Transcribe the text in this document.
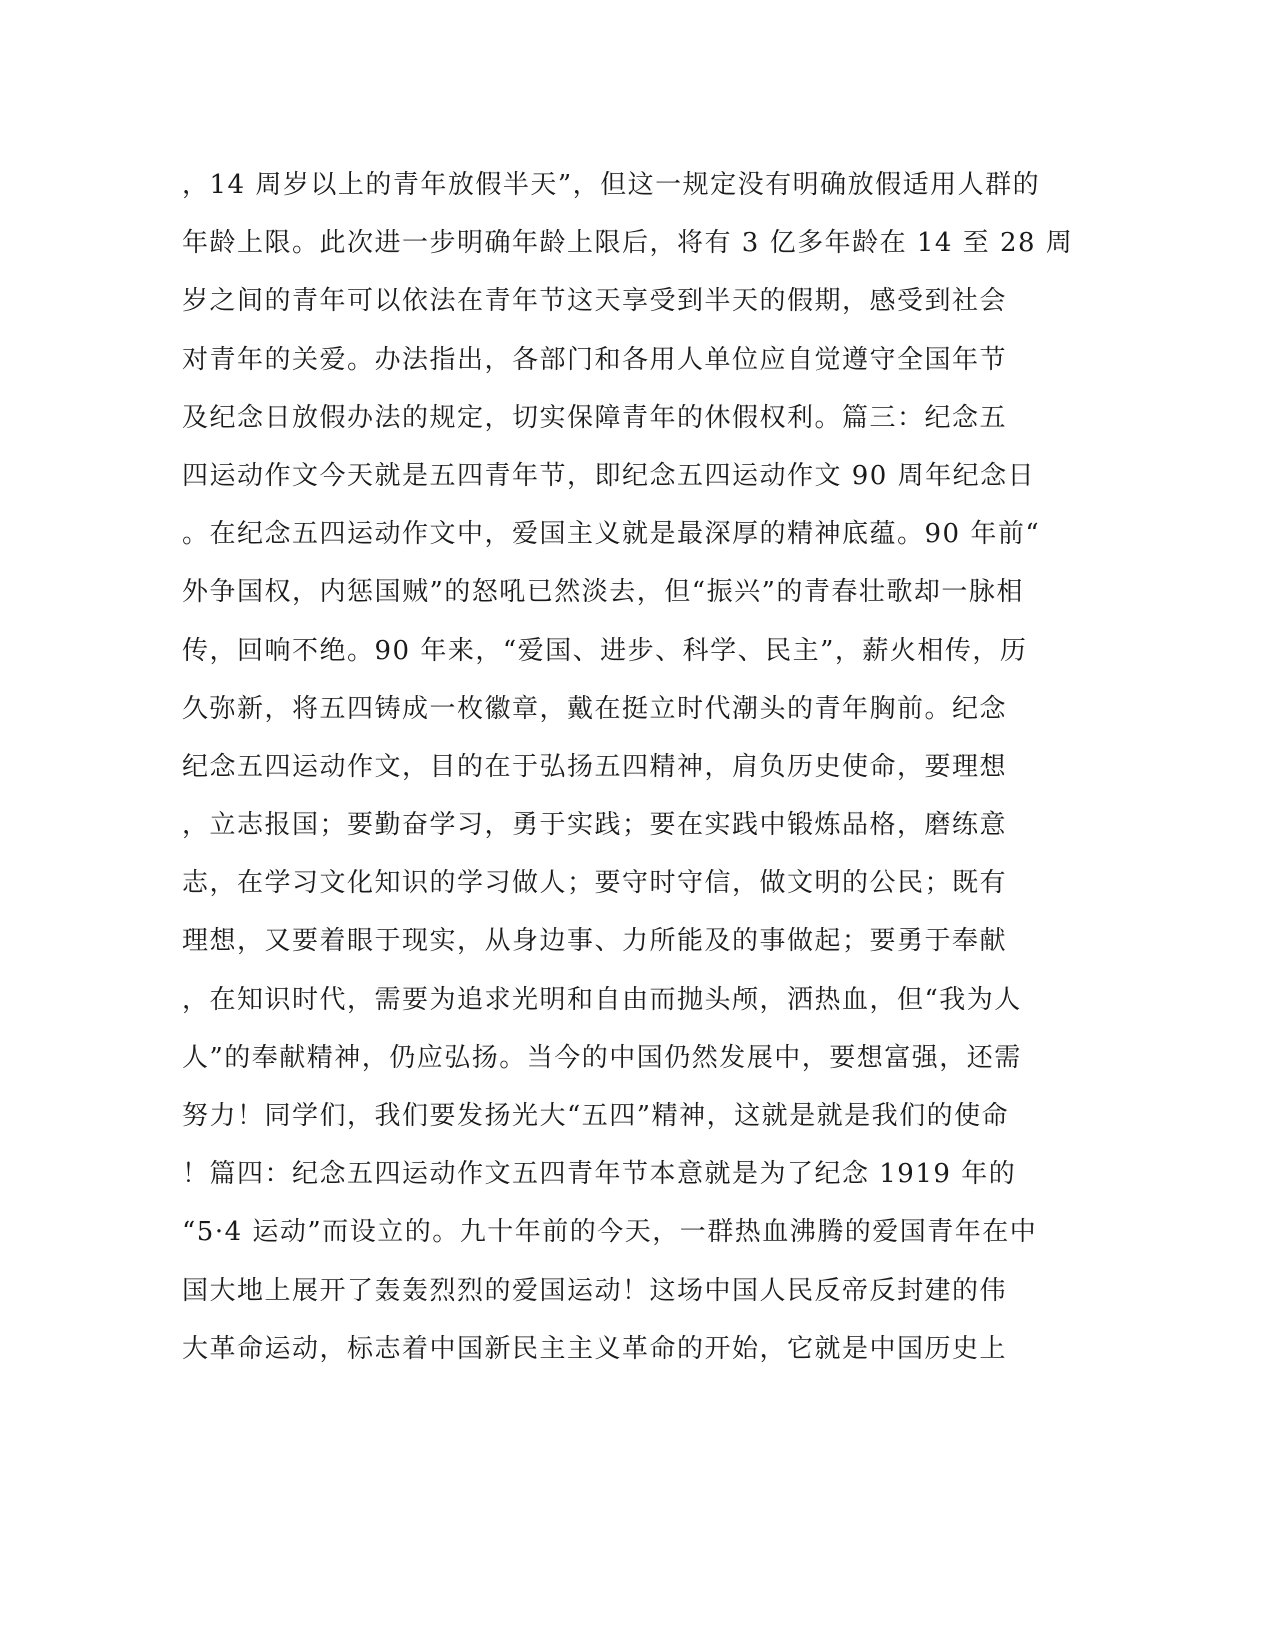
，14 周岁以上的青年放假半天”，但这一规定没有明确放假适用人群的
年龄上限。此次进一步明确年龄上限后，将有 3 亿多年龄在 14 至 28 周
岁之间的青年可以依法在青年节这天享受到半天的假期，感受到社会
对青年的关爱。办法指出，各部门和各用人单位应自觉遵守全国年节
及纪念日放假办法的规定，切实保障青年的休假权利。篇三：纪念五
四运动作文今天就是五四青年节，即纪念五四运动作文 90 周年纪念日
。在纪念五四运动作文中，爱国主义就是最深厚的精神底蕴。90 年前“
外争国权，内惩国贼”的怒吼已然淡去，但“振兴”的青春壮歌却一脉相
传，回响不绝。90 年来，“爱国、进步、科学、民主”，薪火相传，历
久弥新，将五四铸成一枚徽章，戴在挺立时代潮头的青年胸前。纪念
纪念五四运动作文，目的在于弘扬五四精神，肩负历史使命，要理想
，立志报国；要勤奋学习，勇于实践；要在实践中锻炼品格，磨练意
志，在学习文化知识的学习做人；要守时守信，做文明的公民；既有
理想，又要着眼于现实，从身边事、力所能及的事做起；要勇于奉献
，在知识时代，需要为追求光明和自由而抛头颅，洒热血，但“我为人
人”的奉献精神，仍应弘扬。当今的中国仍然发展中，要想富强，还需
努力！同学们，我们要发扬光大“五四”精神，这就是就是我们的使命
！篇四：纪念五四运动作文五四青年节本意就是为了纪念 1919 年的
“5·4 运动”而设立的。九十年前的今天，一群热血沸腾的爱国青年在中
国大地上展开了轰轰烈烈的爱国运动！这场中国人民反帝反封建的伟
大革命运动，标志着中国新民主主义革命的开始，它就是中国历史上
